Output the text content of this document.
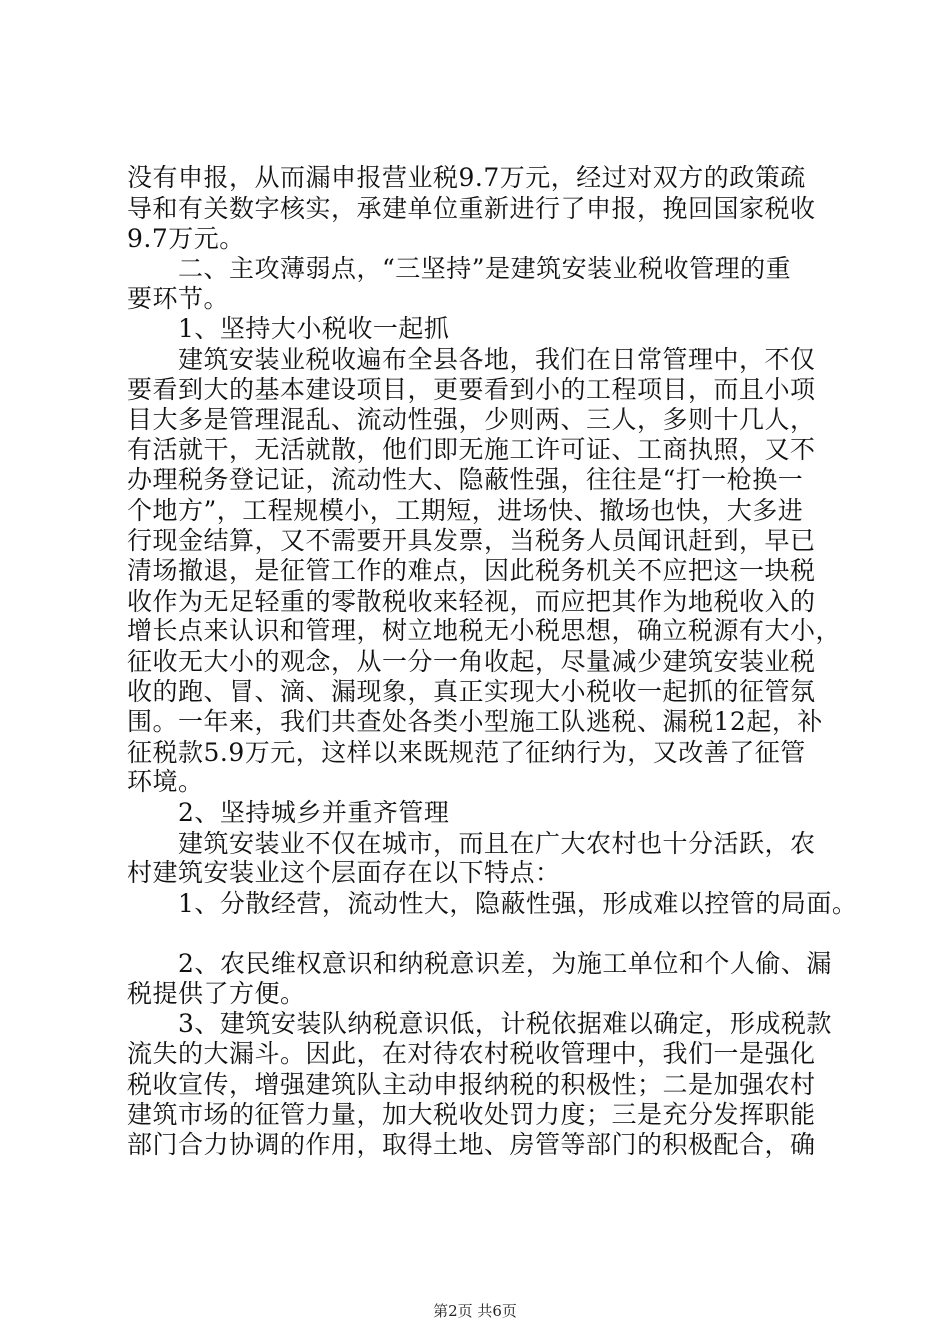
没有申报，从而漏申报营业税9.7万元，经过对双方的政策疏
导和有关数字核实，承建单位重新进行了申报，挽回国家税收
9.7万元。
二、主攻薄弱点，“三坚持”是建筑安装业税收管理的重
要环节。
1、坚持大小税收一起抓
建筑安装业税收遍布全县各地，我们在日常管理中，不仅
要看到大的基本建设项目，更要看到小的工程项目，而且小项
目大多是管理混乱、流动性强，少则两、三人，多则十几人，
有活就干，无活就散，他们即无施工许可证、工商执照，又不
办理税务登记证，流动性大、隐蔽性强，往往是“打一枪换一
个地方”，工程规模小，工期短，进场快、撤场也快，大多进
行现金结算，又不需要开具发票，当税务人员闻讯赶到，早已
清场撤退，是征管工作的难点，因此税务机关不应把这一块税
收作为无足轻重的零散税收来轻视，而应把其作为地税收入的
增长点来认识和管理，树立地税无小税思想，确立税源有大小，
征收无大小的观念，从一分一角收起，尽量减少建筑安装业税
收的跑、冒、滴、漏现象，真正实现大小税收一起抓的征管氛
围。一年来，我们共查处各类小型施工队逃税、漏税12起，补
征税款5.9万元，这样以来既规范了征纳行为，又改善了征管
环境。
2、坚持城乡并重齐管理
建筑安装业不仅在城市，而且在广大农村也十分活跃，农
村建筑安装业这个层面存在以下特点：
1、分散经营，流动性大，隐蔽性强，形成难以控管的局面。
2、农民维权意识和纳税意识差，为施工单位和个人偷、漏
税提供了方便。
3、建筑安装队纳税意识低，计税依据难以确定，形成税款
流失的大漏斗。因此，在对待农村税收管理中，我们一是强化
税收宣传，增强建筑队主动申报纳税的积极性；二是加强农村
建筑市场的征管力量，加大税收处罚力度；三是充分发挥职能
部门合力协调的作用，取得土地、房管等部门的积极配合，确
第2页 共6页
